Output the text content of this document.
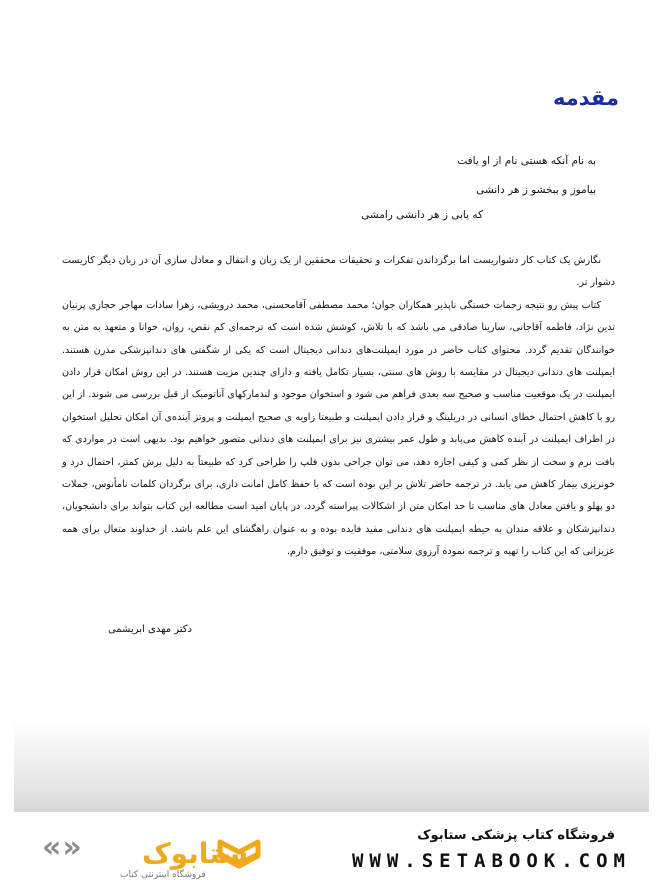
مقدمه
به نام آنکه هستی نام از او یافت
بیاموز و ببخشو ز هر دانشی
که یابی ز هر دانشی رامشی

نگارش یک کتاب کار دشواریست اما برگرداندن تفکرات و تحقیقات محققین از یک زبان و انتقال و معادل سازی آن در زبان دیگر کاریست دشوار تر.

کتاب پیش رو نتیجه زحمات خستگی ناپذیر همکاران جوان؛ محمد مصطفی آقامحسنی، محمد درویشی، زهرا سادات مهاجر حجازی پرنیان تدین نژاد، فاطمه آقاجانی، سارینا صادقی می باشد که با تلاش، کوشش شده است که ترجمه‌ای کم نقص، روان، خوانا و متعهد به متن به خوانندگان تقدیم گردد. محتوای کتاب حاضر در مورد ایمپلنت‌های دندانی دیجیتال است که یکی از شگفتی های دندانپزشکی مدرن هستند. ایمپلنت های دندانی دیجیتال در مقایسه با روش های سنتی، بسیار تکامل یافته و دارای چندین مزیت هستند. در این روش امکان قرار دادن ایمپلنت در یک موقعیت مناسب و صحیح سه بعدی فراهم می شود و استخوان موجود و لندمارکهای آناتومیک از قبل بررسی می شوند. از این رو با کاهش احتمال خطای انسانی در دریلینگ و قرار دادن ایمپلنت و طبیعتا زاویه ی صحیح ایمپلنت و پروتز آینده‌ی آن امکان تحلیل استخوان در اطراف ایمپلنت در آینده کاهش می‌یابد و طول عمر بیشتری نیز برای ایمپلنت های دندانی متصور خواهیم بود. بدیهی است در مواردی که بافت نرم و سخت از نظر کمی و کیفی اجازه دهد، می توان جراحی بدون فلپ را طراحی کرد که طبیعتاً به دلیل برش کمتر، احتمال درد و خونریزی بیمار کاهش می یابد. در ترجمه حاضر تلاش بر این بوده است که با حفظ کامل امانت داری، برای برگردان کلمات نامأنوس، جملات دو پهلو و یافتن معادل های مناسب تا حد امکان متن از اشکالات پیراسته گردد. در پایان امید است مطالعه این کتاب بتواند برای دانشجویان، دندانپزشکان و علاقه مندان به حیطه ایمپلنت های دندانی مفید فایده بوده و به عنوان راهگشای این علم باشد. از خداوند متعال برای همه عزیزانی که این کتاب را تهیه و ترجمه نموده آرزوی سلامتی، موفقیت و توفیق دارم.

دکتر مهدی ابریشمی
«» ستابوک
فروشگاه اینترنتی کتاب
فروشگاه کتاب پزشکی ستابوک
WWW.SETABOOK.COM
